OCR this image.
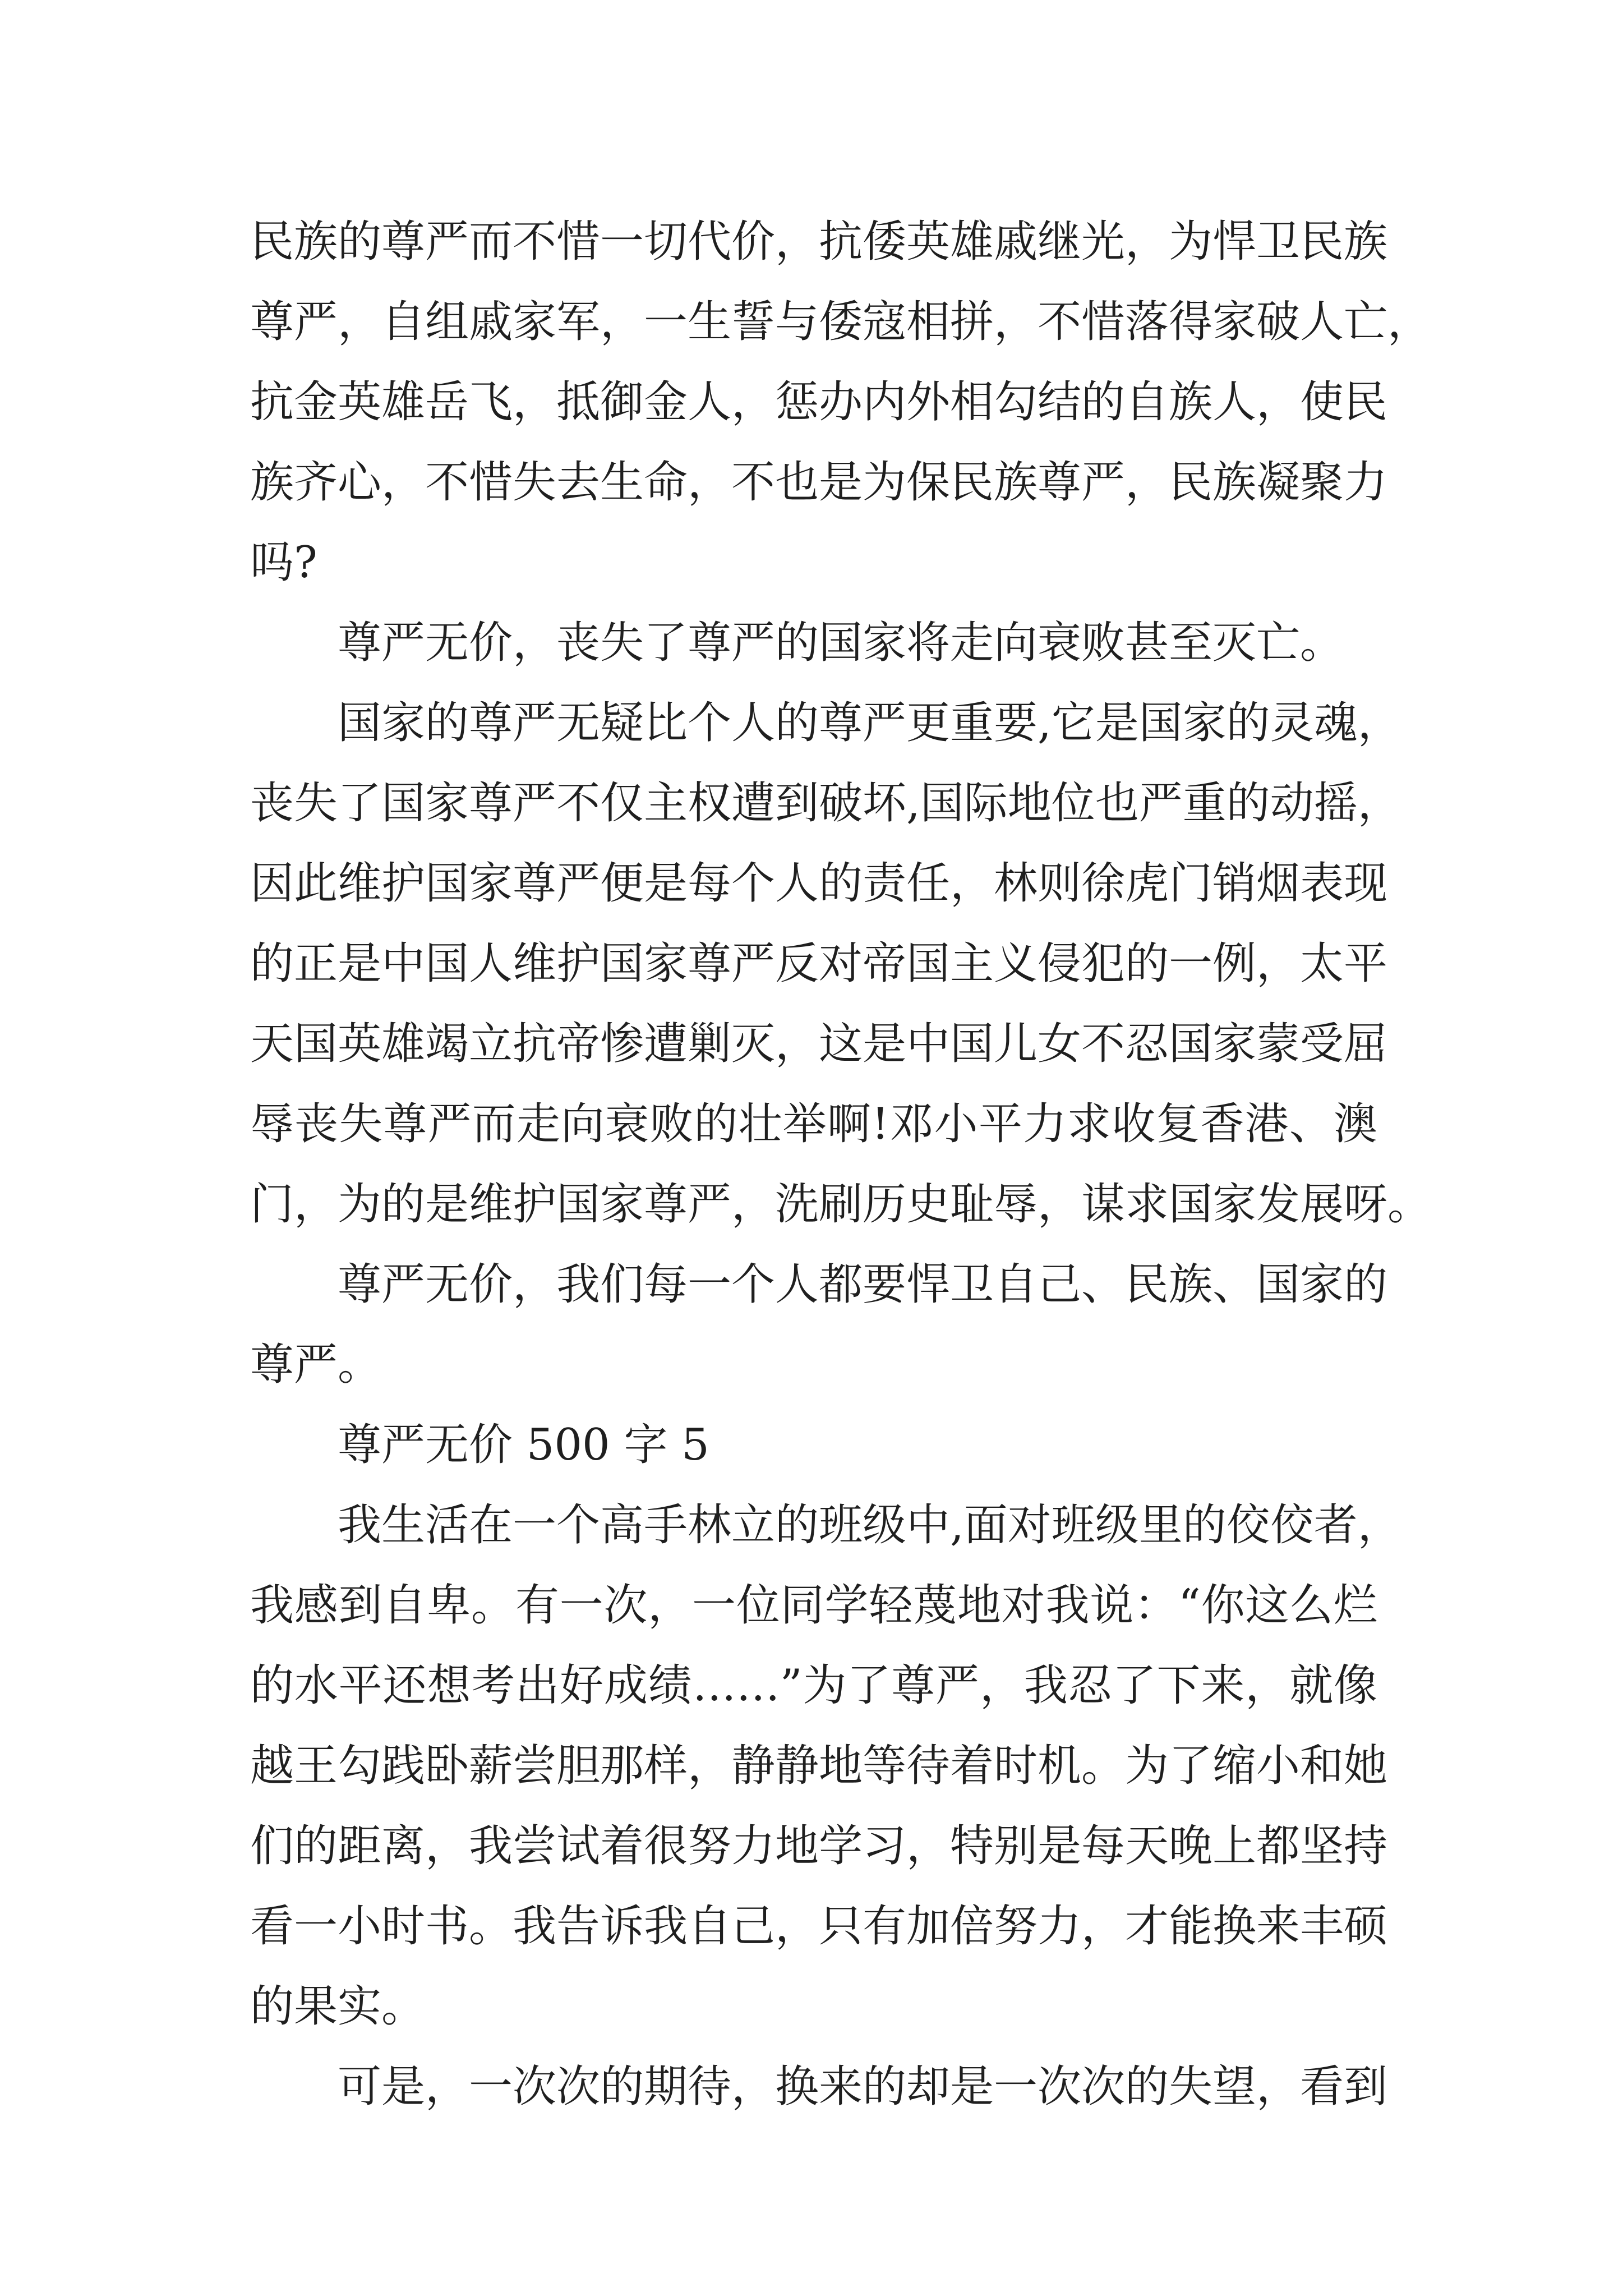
民族的尊严而不惜一切代价，抗倭英雄戚继光，为悍卫民族
尊严，自组戚家军，一生誓与倭寇相拼，不惜落得家破人亡，
抗金英雄岳飞，抵御金人，惩办内外相勾结的自族人，使民
族齐心，不惜失去生命，不也是为保民族尊严，民族凝聚力
吗?
尊严无价，丧失了尊严的国家将走向衰败甚至灭亡。
国家的尊严无疑比个人的尊严更重要,它是国家的灵魂，
丧失了国家尊严不仅主权遭到破坏,国际地位也严重的动摇，
因此维护国家尊严便是每个人的责任，林则徐虎门销烟表现
的正是中国人维护国家尊严反对帝国主义侵犯的一例，太平
天国英雄竭立抗帝惨遭剿灭，这是中国儿女不忍国家蒙受屈
辱丧失尊严而走向衰败的壮举啊!邓小平力求收复香港、澳
门，为的是维护国家尊严，洗刷历史耻辱，谋求国家发展呀。
尊严无价，我们每一个人都要悍卫自己、民族、国家的
尊严。
尊严无价 500 字 5
我生活在一个高手林立的班级中,面对班级里的佼佼者，
我感到自卑。有一次，一位同学轻蔑地对我说：“你这么烂
的水平还想考出好成绩……”为了尊严，我忍了下来，就像
越王勾践卧薪尝胆那样，静静地等待着时机。为了缩小和她
们的距离，我尝试着很努力地学习，特别是每天晚上都坚持
看一小时书。我告诉我自己，只有加倍努力，才能换来丰硕
的果实。
可是，一次次的期待，换来的却是一次次的失望，看到
